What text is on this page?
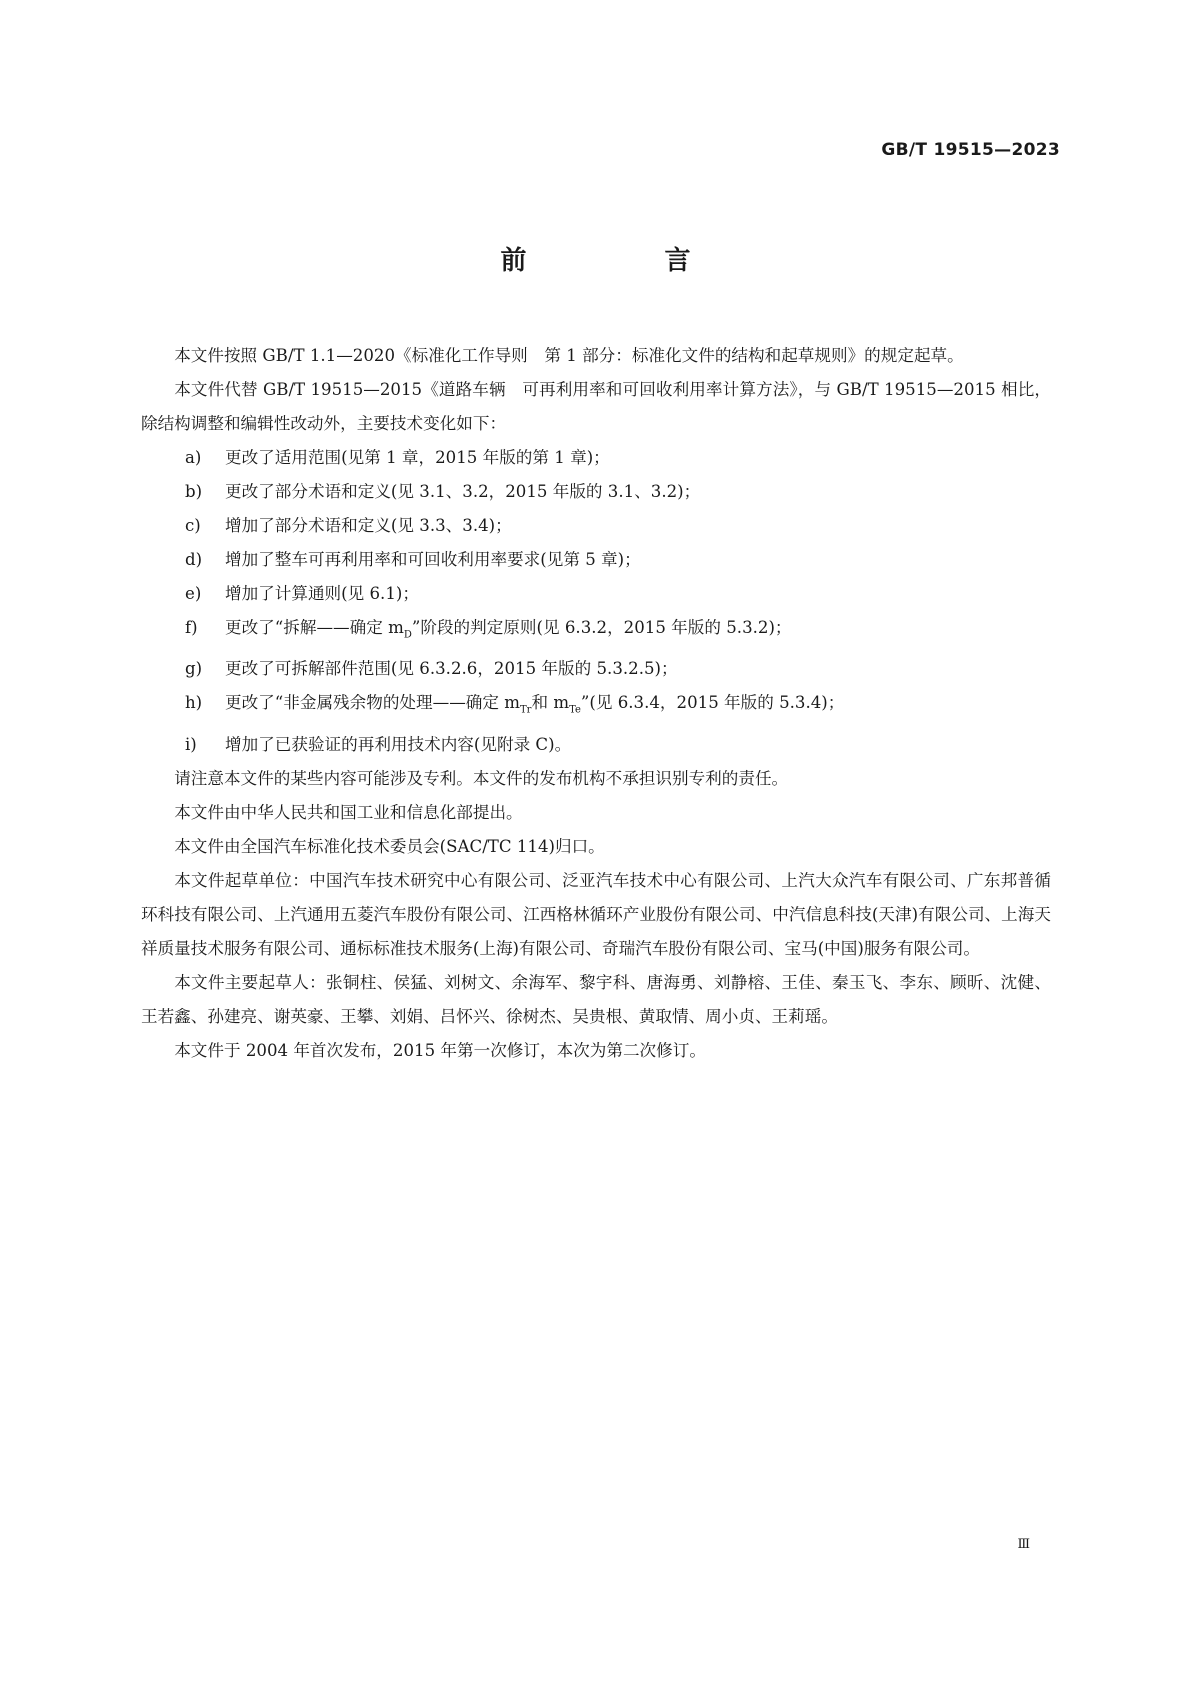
GB/T 19515—2023
前　言

本文件按照 GB/T 1.1—2020《标准化工作导则　第 1 部分：标准化文件的结构和起草规则》的规定起草。

本文件代替 GB/T 19515—2015《道路车辆　可再利用率和可回收利用率计算方法》，与 GB/T 19515—2015 相比，除结构调整和编辑性改动外，主要技术变化如下：

a) 更改了适用范围(见第 1 章，2015 年版的第 1 章)；

b) 更改了部分术语和定义(见 3.1、3.2，2015 年版的 3.1、3.2)；

c) 增加了部分术语和定义(见 3.3、3.4)；

d) 增加了整车可再利用率和可回收利用率要求(见第 5 章)；

e) 增加了计算通则(见 6.1)；

f) 更改了“拆解——确定 $m_D$”阶段的判定原则(见 6.3.2，2015 年版的 5.3.2)；

g) 更改了可拆解部件范围(见 6.3.2.6，2015 年版的 5.3.2.5)；

h) 更改了“非金属残余物的处理——确定 $m_{Tr}$和 $m_{Te}$”(见 6.3.4，2015 年版的 5.3.4)；

i) 增加了已获验证的再利用技术内容(见附录 C)。

请注意本文件的某些内容可能涉及专利。本文件的发布机构不承担识别专利的责任。

本文件由中华人民共和国工业和信息化部提出。

本文件由全国汽车标准化技术委员会(SAC/TC 114)归口。

本文件起草单位：中国汽车技术研究中心有限公司、泛亚汽车技术中心有限公司、上汽大众汽车有限公司、广东邦普循环科技有限公司、上汽通用五菱汽车股份有限公司、江西格林循环产业股份有限公司、中汽信息科技(天津)有限公司、上海天祥质量技术服务有限公司、通标标准技术服务(上海)有限公司、奇瑞汽车股份有限公司、宝马(中国)服务有限公司。

本文件主要起草人：张铜柱、侯猛、刘树文、余海军、黎宇科、唐海勇、刘静榕、王佳、秦玉飞、李东、顾昕、沈健、王若鑫、孙建亮、谢英豪、王攀、刘娟、吕怀兴、徐树杰、吴贵根、黄取情、周小贞、王莉瑶。

本文件于 2004 年首次发布，2015 年第一次修订，本次为第二次修订。

Ⅲ
